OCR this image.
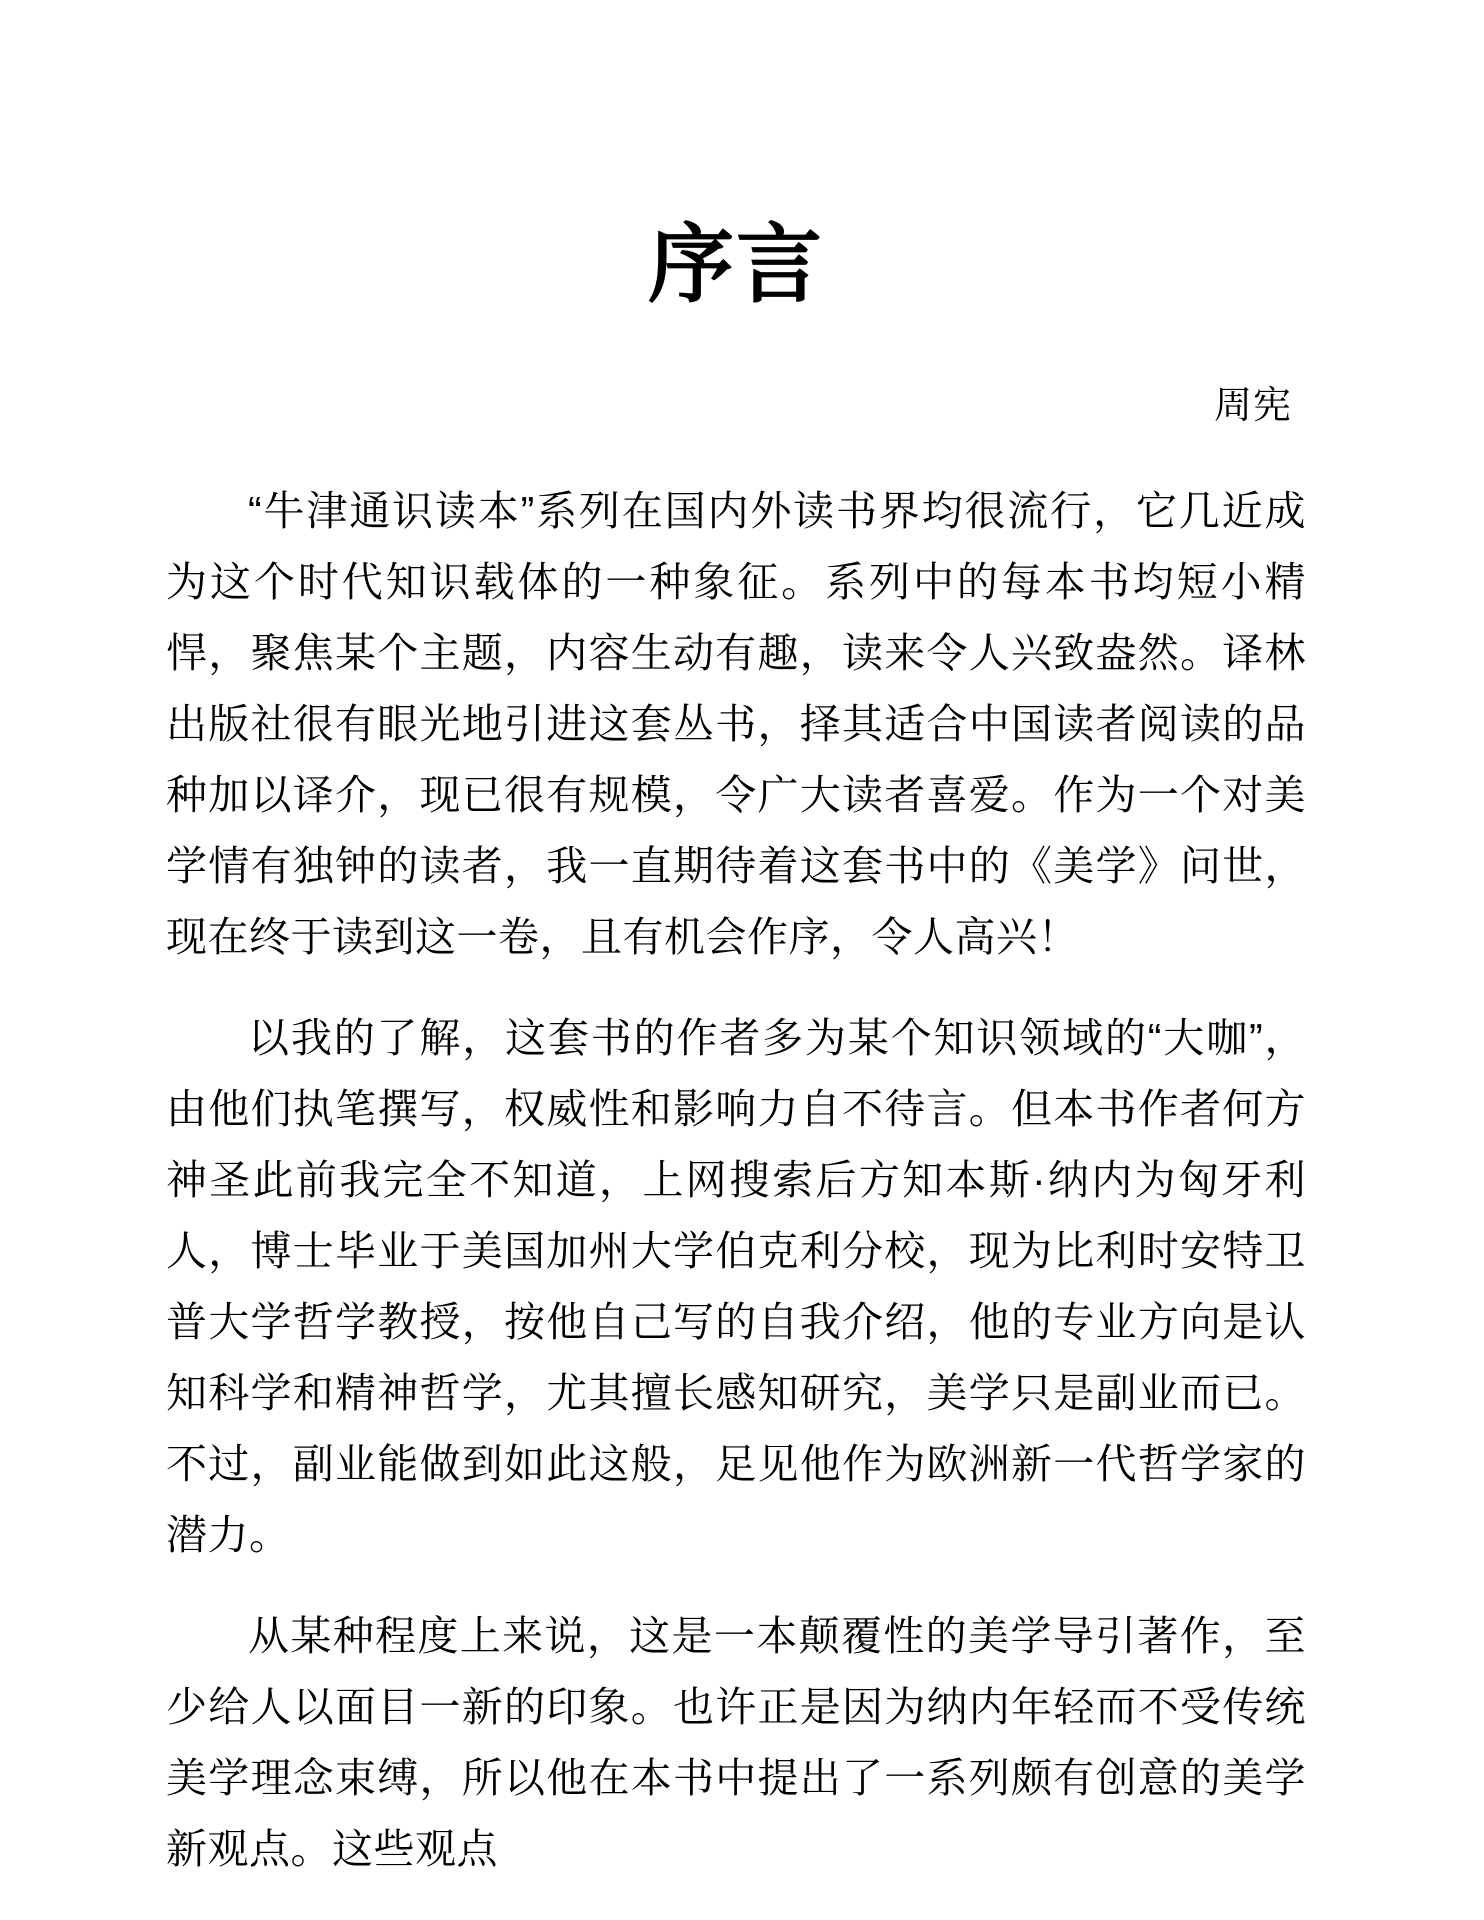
序言
周宪

“牛津通识读本”系列在国内外读书界均很流行，它几近成为这个时代知识载体的一种象征。系列中的每本书均短小精悍，聚焦某个主题，内容生动有趣，读来令人兴致盎然。译林出版社很有眼光地引进这套丛书，择其适合中国读者阅读的品种加以译介，现已很有规模，令广大读者喜爱。作为一个对美学情有独钟的读者，我一直期待着这套书中的《美学》问世，现在终于读到这一卷，且有机会作序，令人高兴！

以我的了解，这套书的作者多为某个知识领域的“大咖”，由他们执笔撰写，权威性和影响力自不待言。但本书作者何方神圣此前我完全不知道，上网搜索后方知本斯·纳内为匈牙利人，博士毕业于美国加州大学伯克利分校，现为比利时安特卫普大学哲学教授，按他自己写的自我介绍，他的专业方向是认知科学和精神哲学，尤其擅长感知研究，美学只是副业而已。不过，副业能做到如此这般，足见他作为欧洲新一代哲学家的潜力。

从某种程度上来说，这是一本颠覆性的美学导引著作，至少给人以面目一新的印象。也许正是因为纳内年轻而不受传统美学理念束缚，所以他在本书中提出了一系列颇有创意的美学新观点。这些观点
